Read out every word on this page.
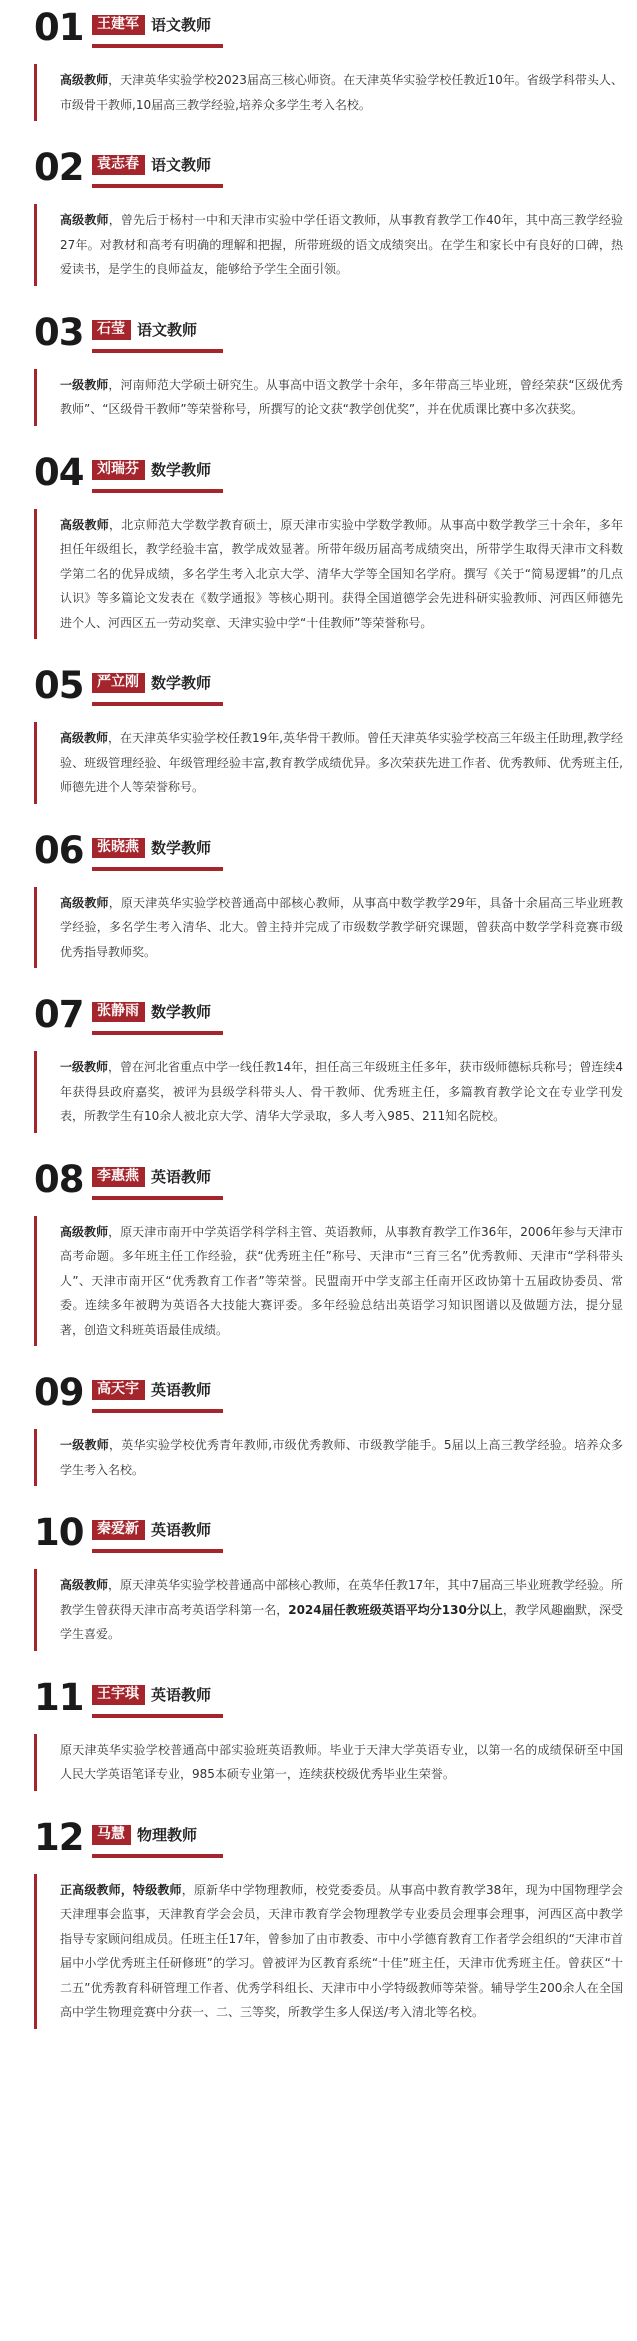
01 王建军 语文教师
高级教师，天津英华实验学校2023届高三核心师资。在天津英华实验学校任教近10年。省级学科带头人、市级骨干教师,10届高三教学经验,培养众多学生考入名校。
02 袁志春 语文教师
高级教师，曾先后于杨村一中和天津市实验中学任语文教师，从事教育教学工作40年，其中高三教学经验27年。对教材和高考有明确的理解和把握，所带班级的语文成绩突出。在学生和家长中有良好的口碑，热爱读书，是学生的良师益友，能够给予学生全面引领。
03 石莹 语文教师
一级教师，河南师范大学硕士研究生。从事高中语文教学十余年，多年带高三毕业班，曾经荣获“区级优秀教师”、“区级骨干教师”等荣誉称号，所撰写的论文获“教学创优奖”，并在优质课比赛中多次获奖。
04 刘瑞芬 数学教师
高级教师，北京师范大学数学教育硕士，原天津市实验中学数学教师。从事高中数学教学三十余年，多年担任年级组长，教学经验丰富，教学成效显著。所带年级历届高考成绩突出，所带学生取得天津市文科数学第二名的优异成绩，多名学生考入北京大学、清华大学等全国知名学府。撰写《关于“简易逻辑”的几点认识》等多篇论文发表在《数学通报》等核心期刊。获得全国道德学会先进科研实验教师、河西区师德先进个人、河西区五一劳动奖章、天津实验中学“十佳教师”等荣誉称号。
05 严立刚 数学教师
高级教师，在天津英华实验学校任教19年,英华骨干教师。曾任天津英华实验学校高三年级主任助理,教学经验、班级管理经验、年级管理经验丰富,教育教学成绩优异。多次荣获先进工作者、优秀教师、优秀班主任,师德先进个人等荣誉称号。
06 张晓燕 数学教师
高级教师，原天津英华实验学校普通高中部核心教师，从事高中数学教学29年，具备十余届高三毕业班教学经验，多名学生考入清华、北大。曾主持并完成了市级数学教学研究课题，曾获高中数学学科竞赛市级优秀指导教师奖。
07 张静雨 数学教师
一级教师，曾在河北省重点中学一线任教14年，担任高三年级班主任多年，获市级师德标兵称号；曾连续4年获得县政府嘉奖，被评为县级学科带头人、骨干教师、优秀班主任，多篇教育教学论文在专业学刊发表，所教学生有10余人被北京大学、清华大学录取，多人考入985、211知名院校。
08 李惠燕 英语教师
高级教师，原天津市南开中学英语学科学科主管、英语教师，从事教育教学工作36年，2006年参与天津市高考命题。多年班主任工作经验，获“优秀班主任”称号、天津市“三育三名”优秀教师、天津市“学科带头人”、天津市南开区“优秀教育工作者”等荣誉。民盟南开中学支部主任南开区政协第十五届政协委员、常委。连续多年被聘为英语各大技能大赛评委。多年经验总结出英语学习知识图谱以及做题方法，提分显著，创造文科班英语最佳成绩。
09 高天宇 英语教师
一级教师，英华实验学校优秀青年教师,市级优秀教师、市级教学能手。5届以上高三教学经验。培养众多学生考入名校。
10 秦爱新 英语教师
高级教师，原天津英华实验学校普通高中部核心教师，在英华任教17年，其中7届高三毕业班教学经验。所教学生曾获得天津市高考英语学科第一名，2024届任教班级英语平均分130分以上，教学风趣幽默，深受学生喜爱。
11 王宇琪 英语教师
原天津英华实验学校普通高中部实验班英语教师。毕业于天津大学英语专业，以第一名的成绩保研至中国人民大学英语笔译专业，985本硕专业第一，连续获校级优秀毕业生荣誉。
12 马慧 物理教师
正高级教师，特级教师，原新华中学物理教师，校党委委员。从事高中教育教学38年，现为中国物理学会天津理事会监事，天津教育学会会员，天津市教育学会物理教学专业委员会理事会理事，河西区高中教学指导专家顾问组成员。任班主任17年，曾参加了由市教委、市中小学德育教育工作者学会组织的“天津市首届中小学优秀班主任研修班”的学习。曾被评为区教育系统“十佳”班主任，天津市优秀班主任。曾获区“十二五”优秀教育科研管理工作者、优秀学科组长、天津市中小学特级教师等荣誉。辅导学生200余人在全国高中学生物理竞赛中分获一、二、三等奖，所教学生多人保送/考入清北等名校。
